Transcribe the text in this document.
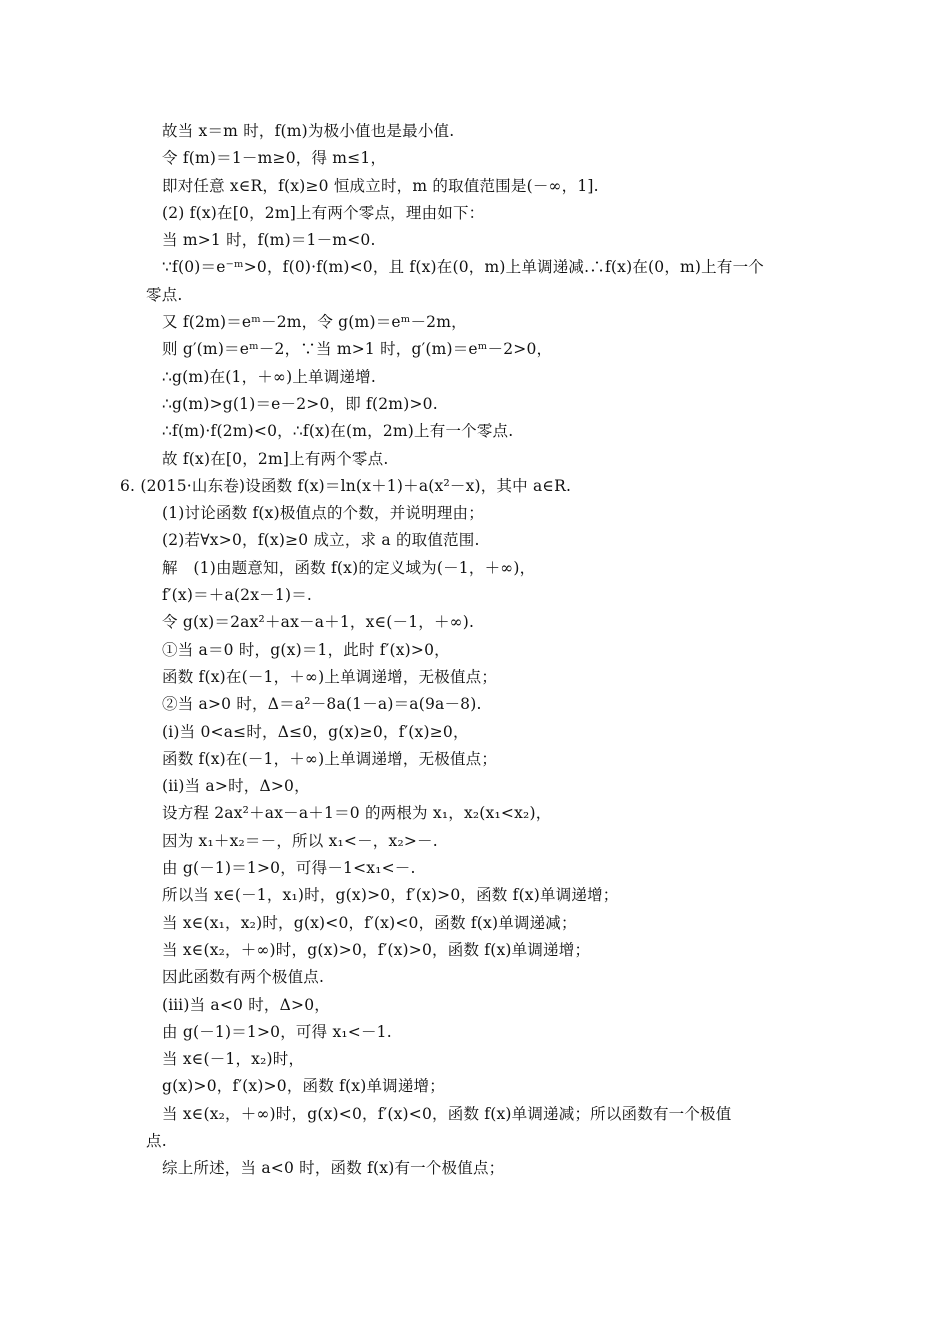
故当 x＝m 时，f(m)为极小值也是最小值.
令 f(m)＝1－m≥0，得 m≤1，
即对任意 x∈R，f(x)≥0 恒成立时，m 的取值范围是(－∞，1].
(2) f(x)在[0，2m]上有两个零点，理由如下：
当 m>1 时，f(m)＝1－m<0.
∵f(0)＝e⁻ᵐ>0，f(0)·f(m)<0，且 f(x)在(0，m)上单调递减.∴f(x)在(0，m)上有一个
零点.
又 f(2m)＝eᵐ－2m，令 g(m)＝eᵐ－2m，
则 g′(m)＝eᵐ－2，∵当 m>1 时，g′(m)＝eᵐ－2>0，
∴g(m)在(1，＋∞)上单调递增.
∴g(m)>g(1)＝e－2>0，即 f(2m)>0.
∴f(m)·f(2m)<0，∴f(x)在(m，2m)上有一个零点.
故 f(x)在[0，2m]上有两个零点.
6. (2015·山东卷)设函数 f(x)＝ln(x＋1)＋a(x²－x)，其中 a∈R.
(1)讨论函数 f(x)极值点的个数，并说明理由；
(2)若∀x>0，f(x)≥0 成立，求 a 的取值范围.
解　(1)由题意知，函数 f(x)的定义域为(－1，＋∞)，
f′(x)＝＋a(2x－1)＝.
令 g(x)＝2ax²＋ax－a＋1，x∈(－1，＋∞).
①当 a＝0 时，g(x)＝1，此时 f′(x)>0，
函数 f(x)在(－1，＋∞)上单调递增，无极值点；
②当 a>0 时，Δ＝a²－8a(1－a)＝a(9a－8).
(ⅰ)当 0<a≤时，Δ≤0，g(x)≥0，f′(x)≥0，
函数 f(x)在(－1，＋∞)上单调递增，无极值点；
(ⅱ)当 a>时，Δ>0，
设方程 2ax²＋ax－a＋1＝0 的两根为 x₁，x₂(x₁<x₂)，
因为 x₁＋x₂＝－，所以 x₁<－，x₂>－.
由 g(－1)＝1>0，可得－1<x₁<－.
所以当 x∈(－1，x₁)时，g(x)>0，f′(x)>0，函数 f(x)单调递增；
当 x∈(x₁，x₂)时，g(x)<0，f′(x)<0，函数 f(x)单调递减；
当 x∈(x₂，＋∞)时，g(x)>0，f′(x)>0，函数 f(x)单调递增；
因此函数有两个极值点.
(ⅲ)当 a<0 时，Δ>0，
由 g(－1)＝1>0，可得 x₁<－1.
当 x∈(－1，x₂)时，
g(x)>0，f′(x)>0，函数 f(x)单调递增；
当 x∈(x₂，＋∞)时，g(x)<0，f′(x)<0，函数 f(x)单调递减；所以函数有一个极值
点.
综上所述，当 a<0 时，函数 f(x)有一个极值点；
